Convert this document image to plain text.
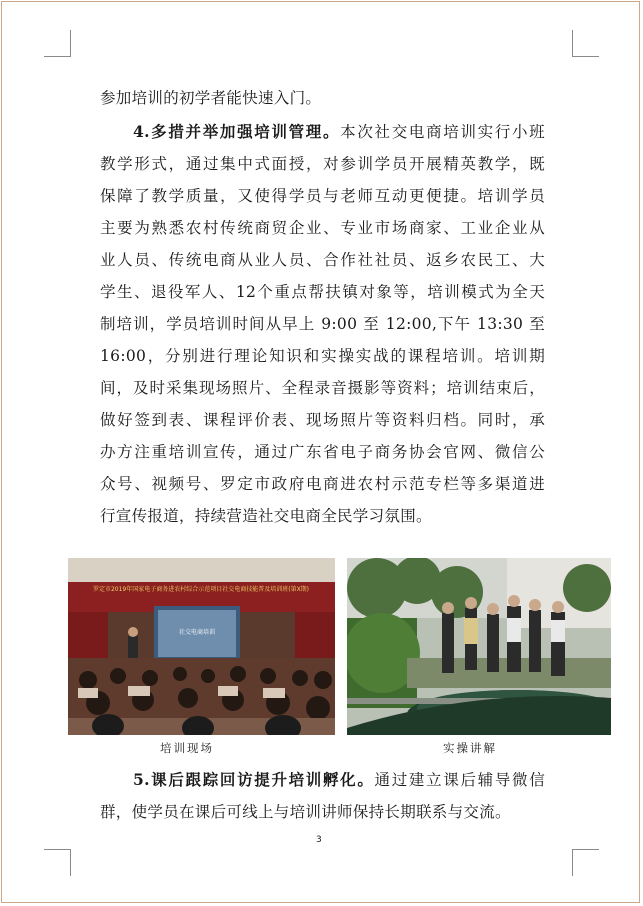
参加培训的初学者能快速入门。
4.多措并举加强培训管理。本次社交电商培训实行小班
教学形式，通过集中式面授，对参训学员开展精英教学，既
保障了教学质量，又使得学员与老师互动更便捷。培训学员
主要为熟悉农村传统商贸企业、专业市场商家、工业企业从
业人员、传统电商从业人员、合作社社员、返乡农民工、大
学生、退役军人、12个重点帮扶镇对象等，培训模式为全天
制培训，学员培训时间从早上 9:00 至 12:00,下午 13:30 至
16:00，分别进行理论知识和实操实战的课程培训。培训期
间，及时采集现场照片、全程录音摄影等资料；培训结束后，
做好签到表、课程评价表、现场照片等资料归档。同时，承
办方注重培训宣传，通过广东省电子商务协会官网、微信公
众号、视频号、罗定市政府电商进农村示范专栏等多渠道进
行宣传报道，持续营造社交电商全民学习氛围。
罗定市2019年国家电子商务进农村综合示范项目社交电商技能普及培训班(第X期)
社交电商培训
培训现场	实操讲解
5.课后跟踪回访提升培训孵化。通过建立课后辅导微信
群，使学员在课后可线上与培训讲师保持长期联系与交流。
3
